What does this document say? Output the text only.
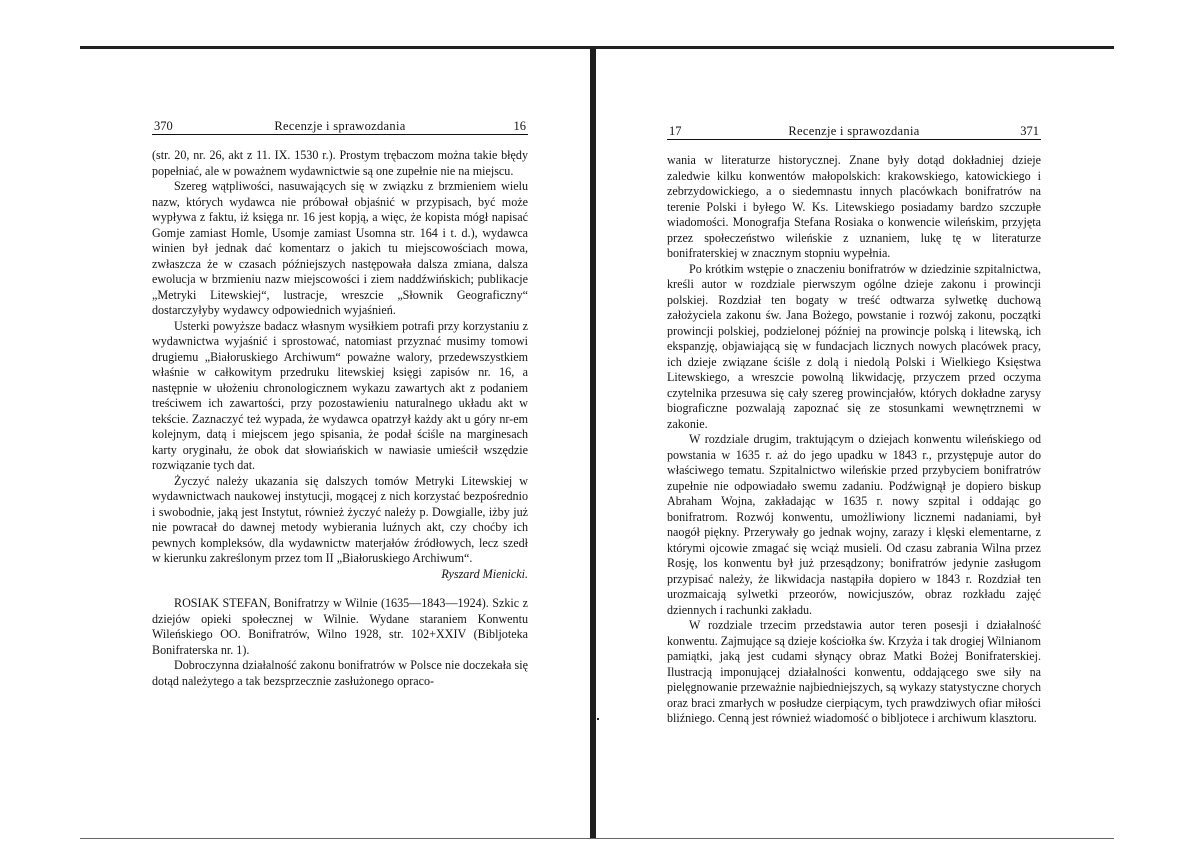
370	Recenzje i sprawozdania	16

(str. 20, nr. 26, akt z 11. IX. 1530 r.). Prostym trębaczom można takie błędy popełniać, ale w poważnem wydawnictwie są one zupełnie nie na miejscu.

Szereg wątpliwości, nasuwających się w związku z brzmieniem wielu nazw, których wydawca nie próbował objaśnić w przypisach, być może wypływa z faktu, iż księga nr. 16 jest kopją, a więc, że kopista mógł napisać Gomje zamiast Homle, Usomje zamiast Usomna str. 164 i t. d.), wydawca winien był jednak dać komentarz o jakich tu miejscowościach mowa, zwłaszcza że w czasach późniejszych następowała dalsza zmiana, dalsza ewolucja w brzmieniu nazw miejscowości i ziem naddźwińskich; publikacje „Metryki Litewskiej“, lustracje, wreszcie „Słownik Geograficzny“ dostarczyłyby wydawcy odpowiednich wyjaśnień.

Usterki powyższe badacz własnym wysiłkiem potrafi przy korzystaniu z wydawnictwa wyjaśnić i sprostować, natomiast przyznać musimy tomowi drugiemu „Białoruskiego Archiwum“ poważne walory, przedewszystkiem właśnie w całkowitym przedruku litewskiej księgi zapisów nr. 16, a następnie w ułożeniu chronologicznem wykazu zawartych akt z podaniem treściwem ich zawartości, przy pozostawieniu naturalnego układu akt w tekście. Zaznaczyć też wypada, że wydawca opatrzył każdy akt u góry nr-em kolejnym, datą i miejscem jego spisania, że podał ściśle na marginesach karty oryginału, że obok dat słowiańskich w nawiasie umieścił wszędzie rozwiązanie tych dat.

Życzyć należy ukazania się dalszych tomów Metryki Litewskiej w wydawnictwach naukowej instytucji, mogącej z nich korzystać bezpośrednio i swobodnie, jaką jest Instytut, również życzyć należy p. Dowgialle, iżby już nie powracał do dawnej metody wybierania luźnych akt, czy choćby ich pewnych kompleksów, dla wydawnictw materjałów źródłowych, lecz szedł w kierunku zakreślonym przez tom II „Białoruskiego Archiwum“.

Ryszard Mienicki.

ROSIAK STEFAN, Bonifratrzy w Wilnie (1635—1843—1924). Szkic z dziejów opieki społecznej w Wilnie. Wydane staraniem Konwentu Wileńskiego OO. Bonifratrów, Wilno 1928, str. 102+XXIV (Bibljoteka Bonifraterska nr. 1).

Dobroczynna działalność zakonu bonifratrów w Polsce nie doczekała się dotąd należytego a tak bezsprzecznie zasłużonego opraco-

17	Recenzje i sprawozdania	371

wania w literaturze historycznej. Znane były dotąd dokładniej dzieje zaledwie kilku konwentów małopolskich: krakowskiego, katowickiego i zebrzydowickiego, a o siedemnastu innych placówkach bonifratrów na terenie Polski i byłego W. Ks. Litewskiego posiadamy bardzo szczupłe wiadomości. Monografja Stefana Rosiaka o konwencie wileńskim, przyjęta przez społeczeństwo wileńskie z uznaniem, lukę tę w literaturze bonifraterskiej w znacznym stopniu wypełnia.

Po krótkim wstępie o znaczeniu bonifratrów w dziedzinie szpitalnictwa, kreśli autor w rozdziale pierwszym ogólne dzieje zakonu i prowincji polskiej. Rozdział ten bogaty w treść odtwarza sylwetkę duchową założyciela zakonu św. Jana Bożego, powstanie i rozwój zakonu, początki prowincji polskiej, podzielonej później na prowincje polską i litewską, ich ekspanzję, objawiającą się w fundacjach licznych nowych placówek pracy, ich dzieje związane ściśle z dolą i niedolą Polski i Wielkiego Księstwa Litewskiego, a wreszcie powolną likwidację, przyczem przed oczyma czytelnika przesuwa się cały szereg prowincjałów, których dokładne zarysy biograficzne pozwalają zapoznać się ze stosunkami wewnętrznemi w zakonie.

W rozdziale drugim, traktującym o dziejach konwentu wileńskiego od powstania w 1635 r. aż do jego upadku w 1843 r., przystępuje autor do właściwego tematu. Szpitalnictwo wileńskie przed przybyciem bonifratrów zupełnie nie odpowiadało swemu zadaniu. Podźwignął je dopiero biskup Abraham Wojna, zakładając w 1635 r. nowy szpital i oddając go bonifratrom. Rozwój konwentu, umożliwiony licznemi nadaniami, był naogół piękny. Przerywały go jednak wojny, zarazy i klęski elementarne, z którymi ojcowie zmagać się wciąż musieli. Od czasu zabrania Wilna przez Rosję, los konwentu był już przesądzony; bonifratrów jedynie zasługom przypisać należy, że likwidacja nastąpiła dopiero w 1843 r. Rozdział ten urozmaicają sylwetki przeorów, nowicjuszów, obraz rozkładu zajęć dziennych i rachunki zakładu.

W rozdziale trzecim przedstawia autor teren posesji i działalność konwentu. Zajmujące są dzieje kościołka św. Krzyża i tak drogiej Wilnianom pamiątki, jaką jest cudami słynący obraz Matki Bożej Bonifraterskiej. Ilustracją imponującej działalności konwentu, oddającego swe siły na pielęgnowanie przeważnie najbiedniejszych, są wykazy statystyczne chorych oraz braci zmarłych w posłudze cierpiącym, tych prawdziwych ofiar miłości bliźniego. Cenną jest również wiadomość o bibljotece i archiwum klasztoru.
